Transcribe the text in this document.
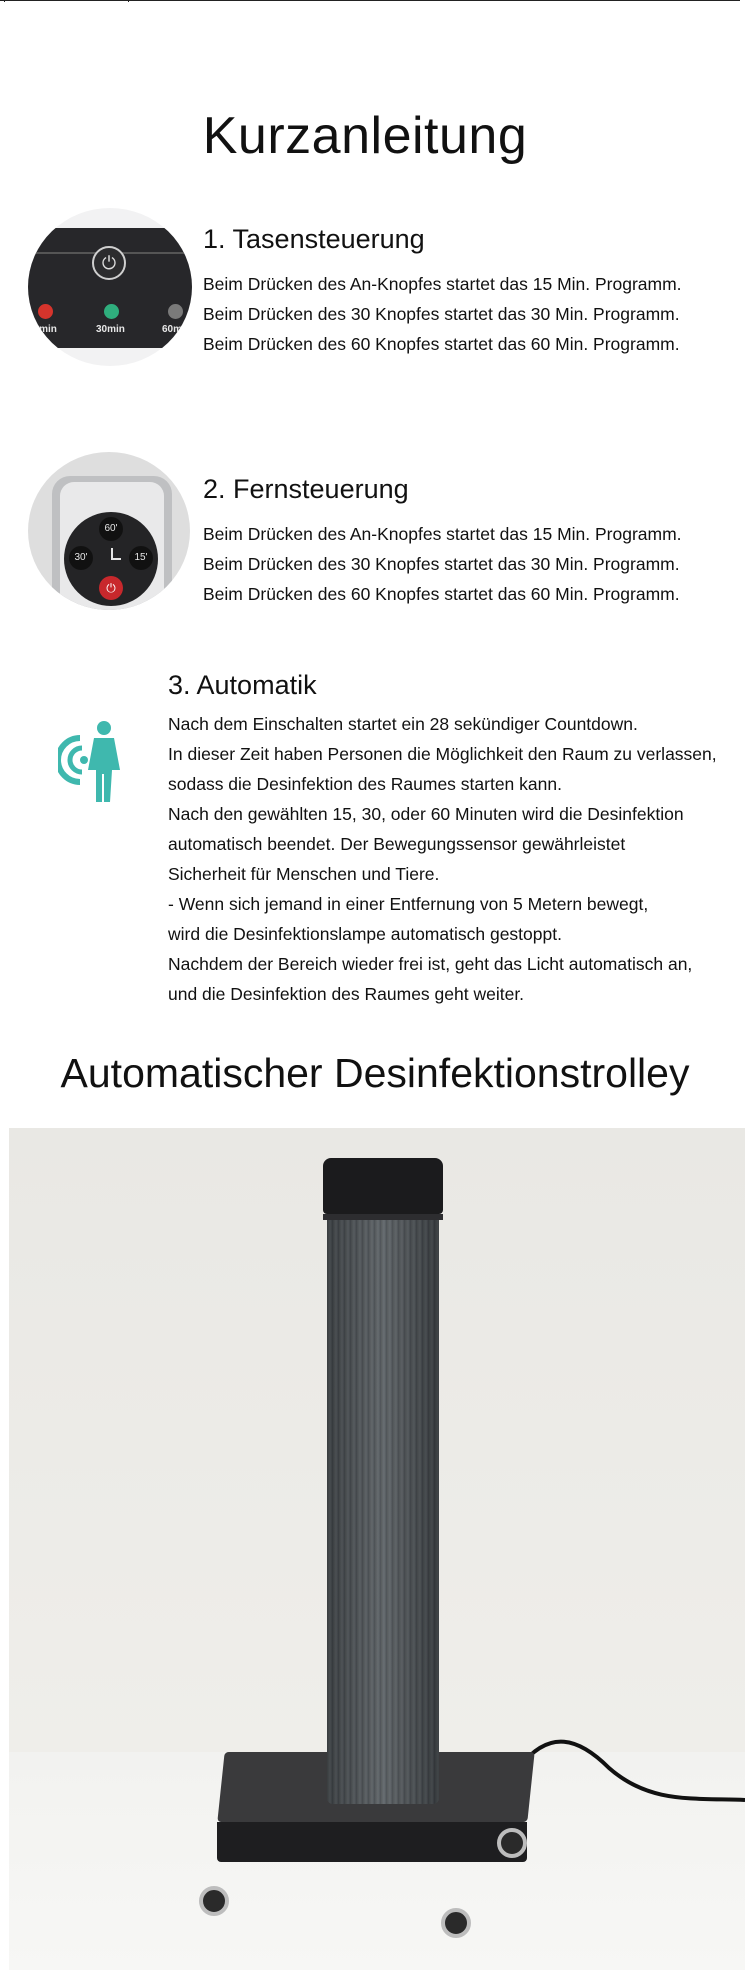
Kurzanleitung
⏻
15min	30min	60min
1. Tasensteuerung

Beim Drücken des An-Knopfes startet das 15 Min. Programm.

Beim Drücken des 30 Knopfes startet das 30 Min. Programm.

Beim Drücken des 60 Knopfes startet das 60 Min. Programm.

60'
30'	15'
⏻
2. Fernsteuerung

Beim Drücken des An-Knopfes startet das 15 Min. Programm.

Beim Drücken des 30 Knopfes startet das 30 Min. Programm.

Beim Drücken des 60 Knopfes startet das 60 Min. Programm.

3. Automatik

Nach dem Einschalten startet ein 28 sekündiger Countdown.

In dieser Zeit haben Personen die Möglichkeit den Raum zu verlassen,

sodass die Desinfektion des Raumes starten kann.

Nach den gewählten 15, 30, oder 60 Minuten wird die Desinfektion

automatisch beendet. Der Bewegungssensor gewährleistet

Sicherheit für Menschen und Tiere.

- Wenn sich jemand in einer Entfernung von 5 Metern bewegt,

wird die Desinfektionslampe automatisch gestoppt.

Nachdem der Bereich wieder frei ist, geht das Licht automatisch an,

und die Desinfektion des Raumes geht weiter.

Automatischer Desinfektionstrolley
